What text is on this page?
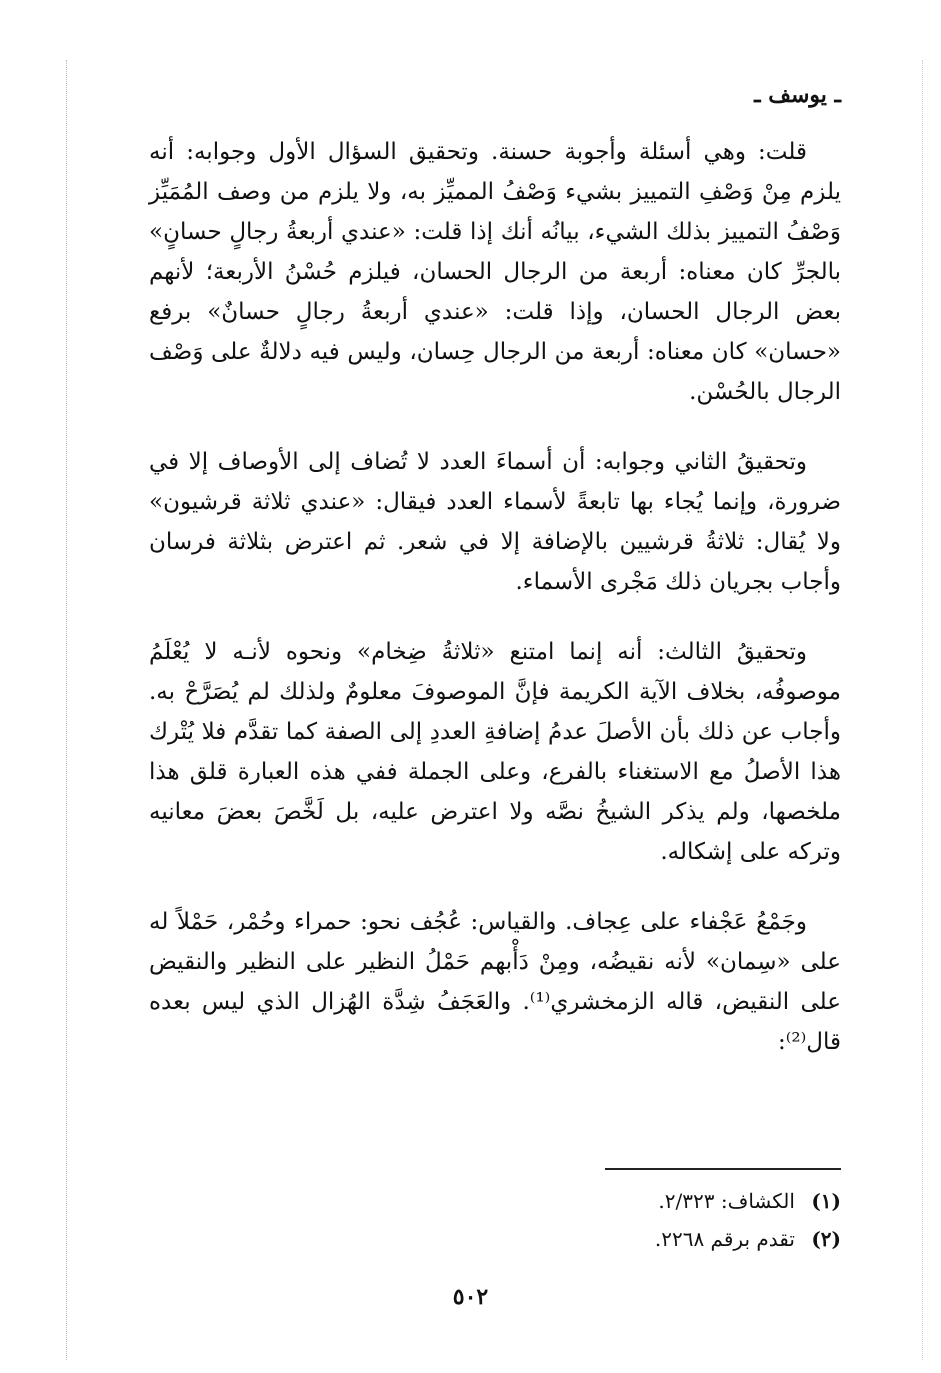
ـ يوسف ـ

قلت: وهي أسئلة وأجوبة حسنة. وتحقيق السؤال الأول وجوابه: أنه يلزم مِنْ وَصْفِ التمييز بشيء وَصْفُ المميِّز به، ولا يلزم من وصف المُمَيِّز وَصْفُ التمييز بذلك الشيء، بيانُه أنك إذا قلت: «عندي أربعةُ رجالٍ حسانٍ» بالجرِّ كان معناه: أربعة من الرجال الحسان، فيلزم حُسْنُ الأربعة؛ لأنهم بعض الرجال الحسان، وإذا قلت: «عندي أربعةُ رجالٍ حسانٌ» برفع «حسان» كان معناه: أربعة من الرجال حِسان، وليس فيه دلالةٌ على وَصْف الرجال بالحُسْن.

وتحقيقُ الثاني وجوابه: أن أسماءَ العدد لا تُضاف إلى الأوصاف إلا في ضرورة، وإنما يُجاء بها تابعةً لأسماء العدد فيقال: «عندي ثلاثة قرشيون» ولا يُقال: ثلاثةُ قرشيين بالإضافة إلا في شعر. ثم اعترض بثلاثة فرسان وأجاب بجريان ذلك مَجْرى الأسماء.

وتحقيقُ الثالث: أنه إنما امتنع «ثلاثةُ ضِخام» ونحوه لأنـه لا يُعْلَمُ موصوفُه، بخلاف الآية الكريمة فإنَّ الموصوفَ معلومٌ ولذلك لم يُصَرَّحْ به. وأجاب عن ذلك بأن الأصلَ عدمُ إضافةِ العددِ إلى الصفة كما تقدَّم فلا يُتْرك هذا الأصلُ مع الاستغناء بالفرع، وعلى الجملة ففي هذه العبارة قلق هذا ملخصها، ولم يذكر الشيخُ نصَّه ولا اعترض عليه، بل لَخَّصَ بعضَ معانيه وتركه على إشكاله.

وجَمْعُ عَجْفاء على عِجاف. والقياس: عُجُف نحو: حمراء وحُمْر، حَمْلاً له على «سِمان» لأنه نقيضُه، ومِنْ دَأْبهم حَمْلُ النظير على النظير والنقيض على النقيض، قاله الزمخشري⁽¹⁾. والعَجَفُ شِدَّة الهُزال الذي ليس بعده قال⁽²⁾:

(١) الكشاف: ٢/٣٢٣.
(٢) تقدم برقم ٢٢٦٨.
٥٠٢
